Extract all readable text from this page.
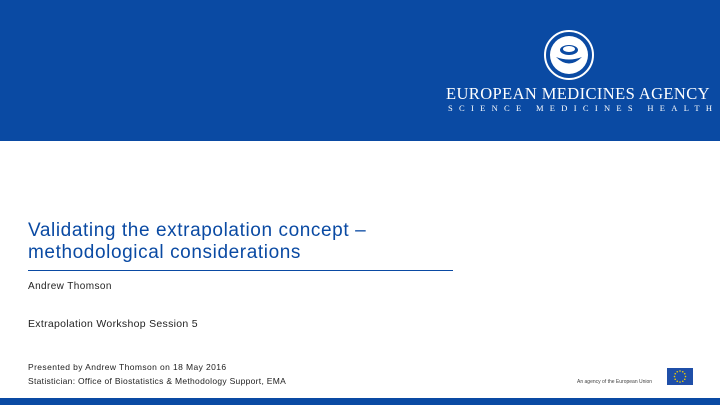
EUROPEAN MEDICINES AGENCY
SCIENCE MEDICINES HEALTH
Validating the extrapolation concept –
methodological considerations
Andrew Thomson
Extrapolation Workshop Session 5
Presented by Andrew Thomson on 18 May 2016
Statistician: Office of Biostatistics & Methodology Support, EMA	An agency of the European Union
